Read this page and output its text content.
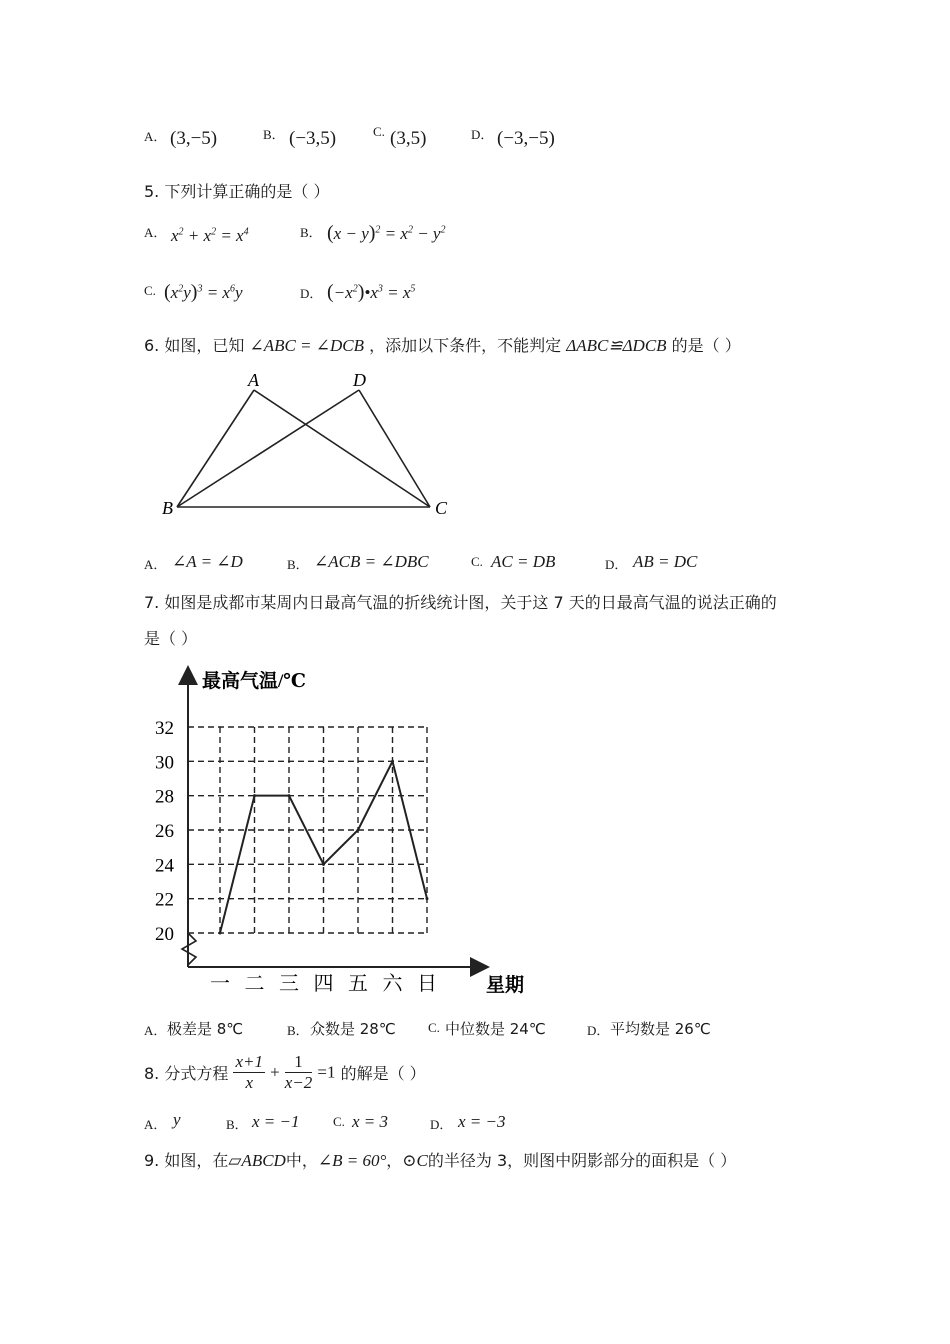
A． (3,−5)	B． (−3,5)	C. (3,5)	D． (−3,−5)
5. 下列计算正确的是（ ）
A． $x^2 + x^2 = x^4$	B． $(x - y)^2 = x^2 - y^2$
C. $(x^2y)^3 = x^6y$	D． $(-x^2)•x^3 = x^5$
6. 如图，已知 ∠ABC = ∠DCB ，添加以下条件，不能判定 ΔABC≌ΔDCB 的是（ ）
A	D
B	C
A． ∠A = ∠D	B． ∠ACB = ∠DBC	C. AC = DB	D． AB = DC
7. 如图是成都市某周内日最高气温的折线统计图，关于这 7 天的日最高气温的说法正确的
是（ ）
20
22
24
26
28
30
32
一 二 三 四 五 六 日
最高气温/℃
星期
A． 极差是 8℃	B． 众数是 28℃ C. 中位数是 24℃	D． 平均数是 26℃
8. 分式方程 $\frac{x+1}{x} + \frac{1}{x-2} =1$ 的解是（ ）
A． y	B． x = −1	C. x = 3	D． x = −3
9. 如图，在▱ABCD中，∠B = 60°，⊙C的半径为 3，则图中阴影部分的面积是（ ）
